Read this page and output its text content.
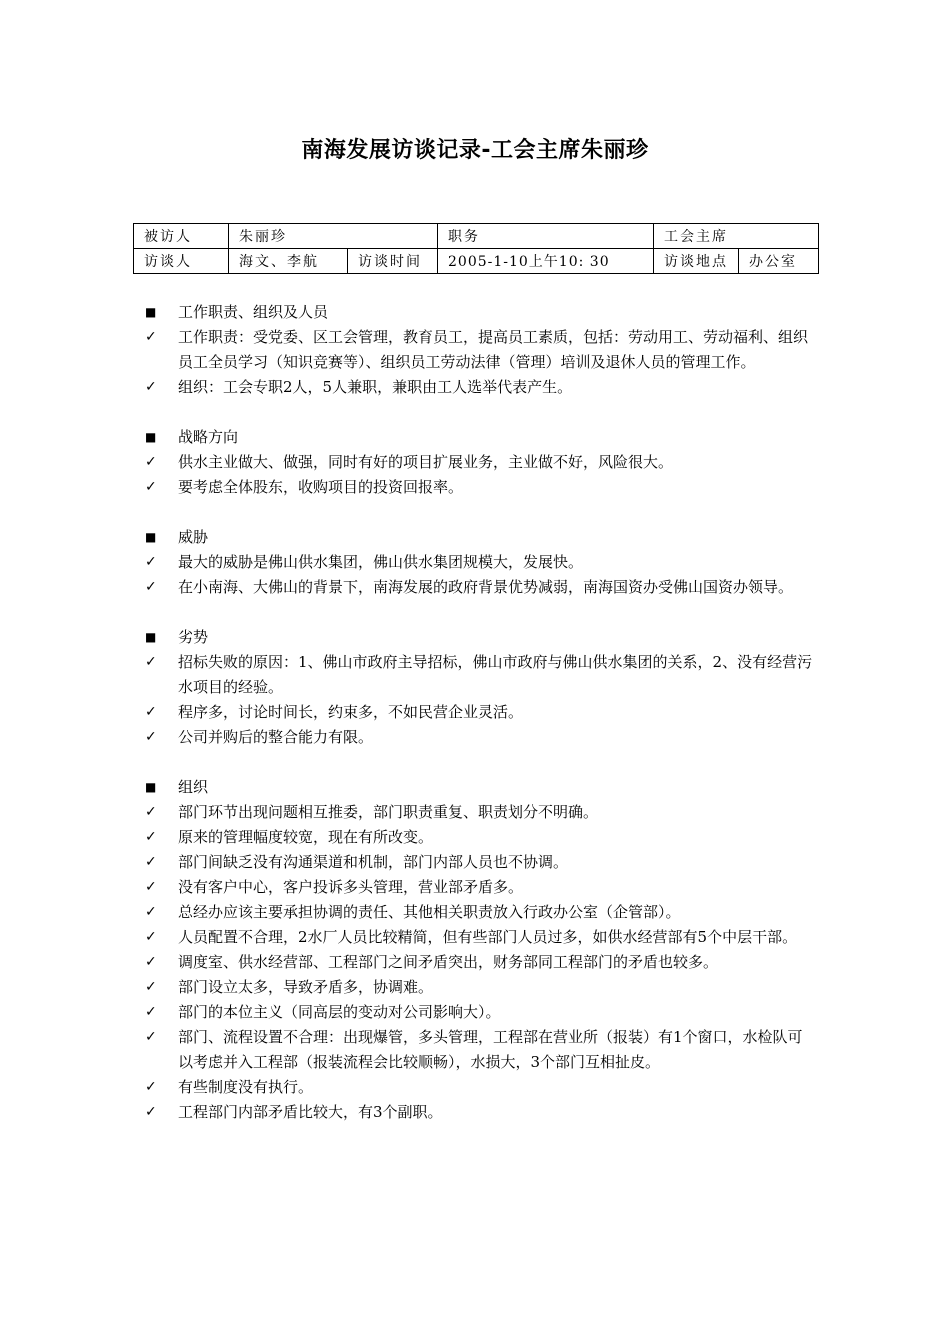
南海发展访谈记录-工会主席朱丽珍
被访人	朱丽珍		职务	工会主席	
访谈人	海文、李航	访谈时间	2005-1-10上午10: 30	访谈地点	办公室
■	工作职责、组织及人员
✓	工作职责：受党委、区工会管理，教育员工，提高员工素质，包括：劳动用工、劳动福利、组织员工全员学习（知识竞赛等）、组织员工劳动法律（管理）培训及退休人员的管理工作。
✓	组织：工会专职2人，5人兼职，兼职由工人选举代表产生。
■	战略方向
✓	供水主业做大、做强，同时有好的项目扩展业务，主业做不好，风险很大。
✓	要考虑全体股东，收购项目的投资回报率。
■	威胁
✓	最大的威胁是佛山供水集团，佛山供水集团规模大，发展快。
✓	在小南海、大佛山的背景下，南海发展的政府背景优势减弱，南海国资办受佛山国资办领导。
■	劣势
✓	招标失败的原因：1、佛山市政府主导招标，佛山市政府与佛山供水集团的关系，2、没有经营污水项目的经验。
✓	程序多，讨论时间长，约束多，不如民营企业灵活。
✓	公司并购后的整合能力有限。
■	组织
✓	部门环节出现问题相互推委，部门职责重复、职责划分不明确。
✓	原来的管理幅度较宽，现在有所改变。
✓	部门间缺乏没有沟通渠道和机制，部门内部人员也不协调。
✓	没有客户中心，客户投诉多头管理，营业部矛盾多。
✓	总经办应该主要承担协调的责任、其他相关职责放入行政办公室（企管部）。
✓	人员配置不合理，2水厂人员比较精简，但有些部门人员过多，如供水经营部有5个中层干部。
✓	调度室、供水经营部、工程部门之间矛盾突出，财务部同工程部门的矛盾也较多。
✓	部门设立太多，导致矛盾多，协调难。
✓	部门的本位主义（同高层的变动对公司影响大）。
✓	部门、流程设置不合理：出现爆管，多头管理，工程部在营业所（报装）有1个窗口，水检队可以考虑并入工程部（报装流程会比较顺畅），水损大，3个部门互相扯皮。
✓	有些制度没有执行。
✓	工程部门内部矛盾比较大，有3个副职。
